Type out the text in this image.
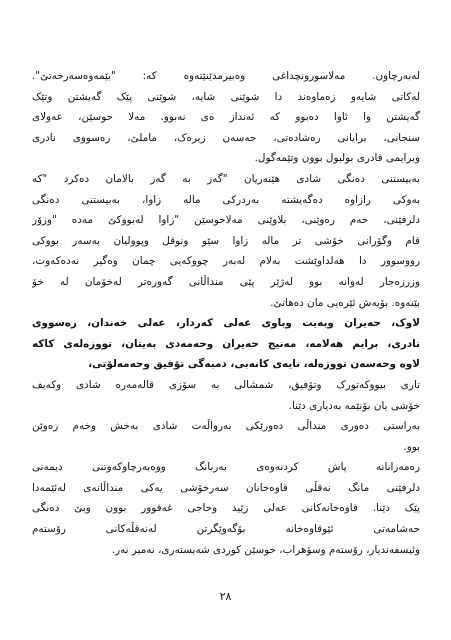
لەبەرچاون. مەلاسورونچداغی وەبیرمدێنێتەوە کە: "بێمەوەسەرخەتێ".
لەکاتی شایەو زەماوەند دا شوێنی شایە، شوێنی پێک گەیشتن وتێک
گەیشتن وا ئاوا دەبوو کە ئەنداز ەی نەبوو. مەلا حوسێن، عەولای
سنجانی، برایانی رەشادەتی، حەسەن زیرەک، ماملێ، رەسووی نادری
وبرایمی قادری بولبول بوون وتێمەگول.
بەبیستنی دەنگی شادی هێنەریان "گەز بە گەز بالامان دەکرد "کە
بەوکی رازاوە دەگەیشتە بەردرکی مالە زاوا، بەبیستنی دەنگی
دلرفێنی، خەم رەوێنی، بلاوێنی مەلاحوسێن "زاوا لەبووکێ مەدە "وزۆر
قام وگۆرانی خۆشی تر مالە زاوا سێو ونوقل وپوولیان بەسەر بووکی
رووسوور دا هەلداوێشت بەلام لەبەر چووکەیی چمان وەگیر نەدەکەوت،
وزرزەجار لەوانە بوو لەژێر پێی منداڵانی گەورەتر لەخۆمان لە خۆ
بێنەوە. بۆیەش ئێرەیی مان دەهاتێ.
لاوک، حەیران وبەیت وباوی عەلی کەردار، عەلی خەندان، رەسووی
نادری، برایم هەلامە، مەنیج حەیران وحەمەدی بەیتان، تووزەلەی کاکە
لاوە وحەسەن تووزەلە، نایەی کانەبی، دمبەگی تۆفیق وحەمەلۆتی،
تاری بیووکەتورک وتۆفیق، شمشالی بە سۆزی قالەمەرە شادی وکەیف
خۆشی یان بۆنێمە بەدیاری دێنا.
بەراستی دەوری منداڵی دەورێکی بەرواڵەت شادی بەخش وخەم رەوێن
بوو.
رەمەزانانە پاش کردنەوەی بەربانگ ووەبەرچاوکەوتنی دیمەنی
دلرفێنی مانگ نەقڵی قاوەخانان سەرخۆشی یەکی منداڵانەی لەئێمەدا
پێک دێنا. قاوەخانەکانی عەلی زێید وحاجی غەفوور بوون وبێ دەنگی
حەشامەتی ئێوقاوەخانە بۆگەوێگرتن لەنەقڵەکانی رۆستەم
وئیسفەندیار، رۆستەم وسۆهراب، حوسێن کوردی شەبستەری، نەمیر نەر.
٢٨
